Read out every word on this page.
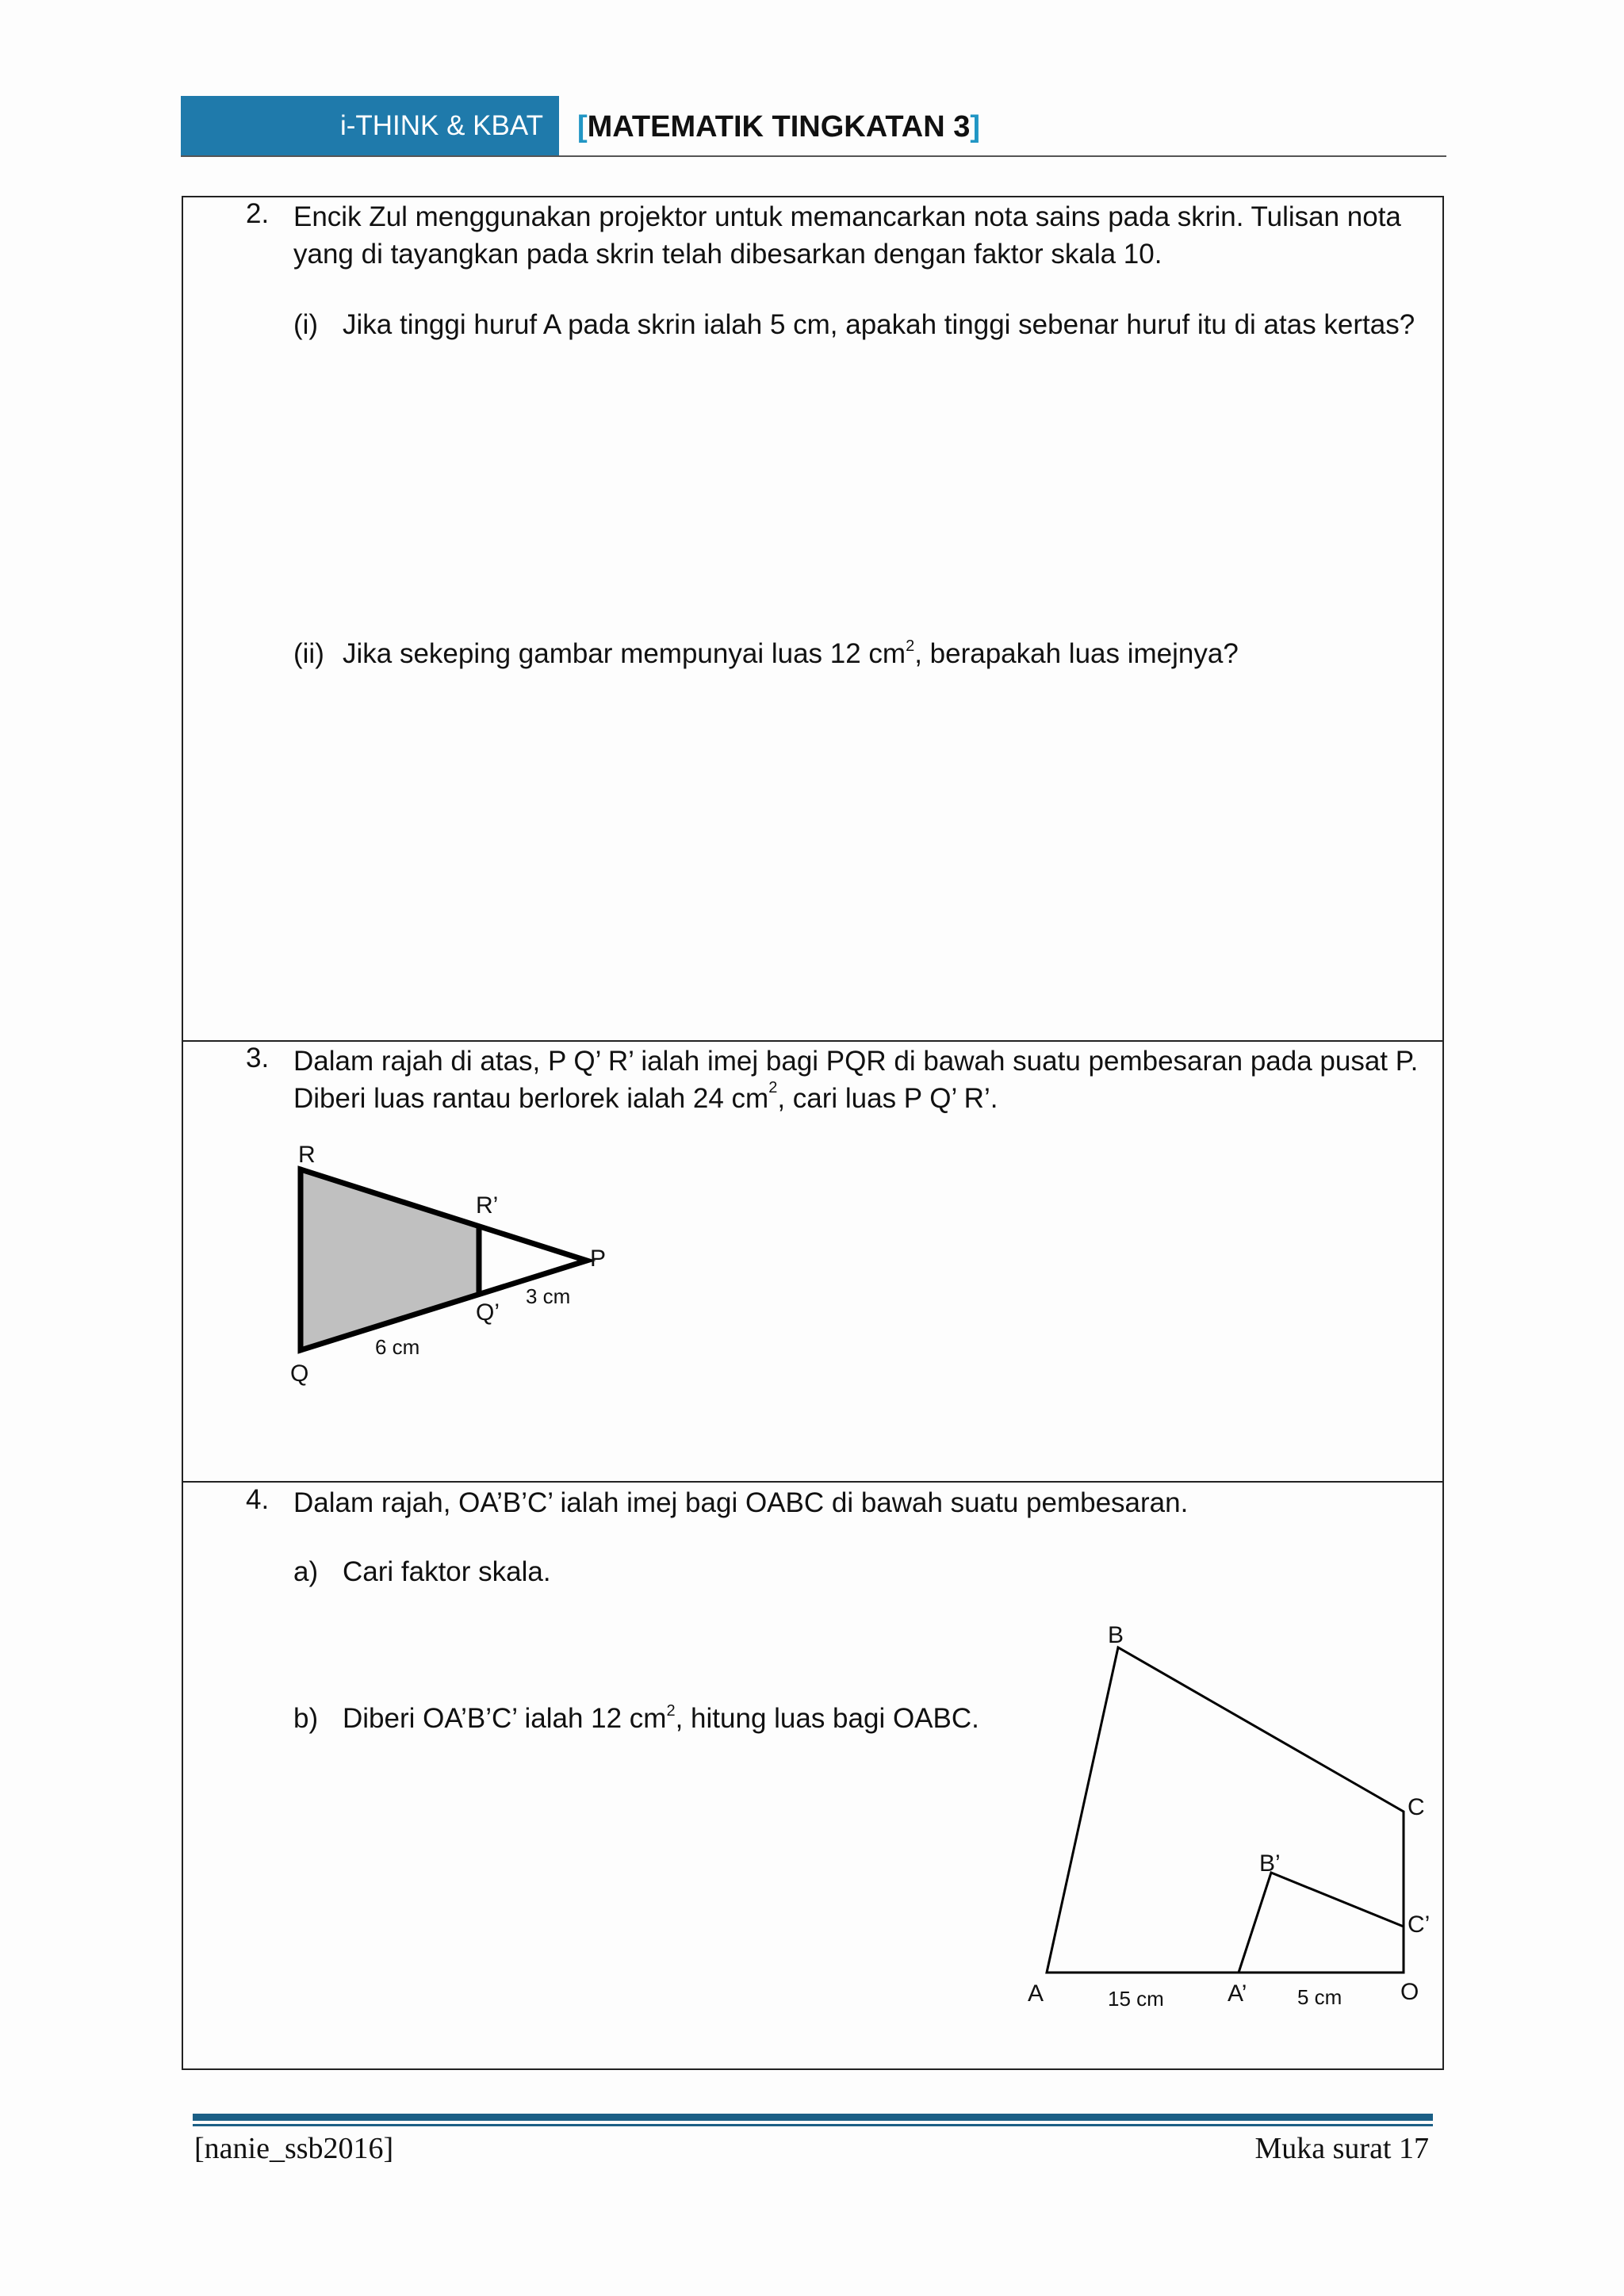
i-THINK & KBAT [MATEMATIK TINGKATAN 3]
2. Encik Zul menggunakan projektor untuk memancarkan nota sains pada skrin. Tulisan nota
yang di tayangkan pada skrin telah dibesarkan dengan faktor skala 10.
(i) Jika tinggi huruf A pada skrin ialah 5 cm, apakah tinggi sebenar huruf itu di atas kertas?
(ii) Jika sekeping gambar mempunyai luas 12 $cm^2$, berapakah luas imejnya?
3. Dalam rajah di atas, P Q’ R’ ialah imej bagi PQR di bawah suatu pembesaran pada pusat P.
Diberi luas rantau berlorek ialah 24 $cm^2$, cari luas P Q’ R’.
R
R’
P
Q’
3 cm
6 cm
Q
4. Dalam rajah, OA’B’C’ ialah imej bagi OABC di bawah suatu pembesaran.
a) Cari faktor skala.
b) Diberi OA’B’C’ ialah 12 $cm^2$, hitung luas bagi OABC.
B
C
B’
C’
A	15 cm	A’ 5 cm O
[nanie_ssb2016]	Muka surat 17
